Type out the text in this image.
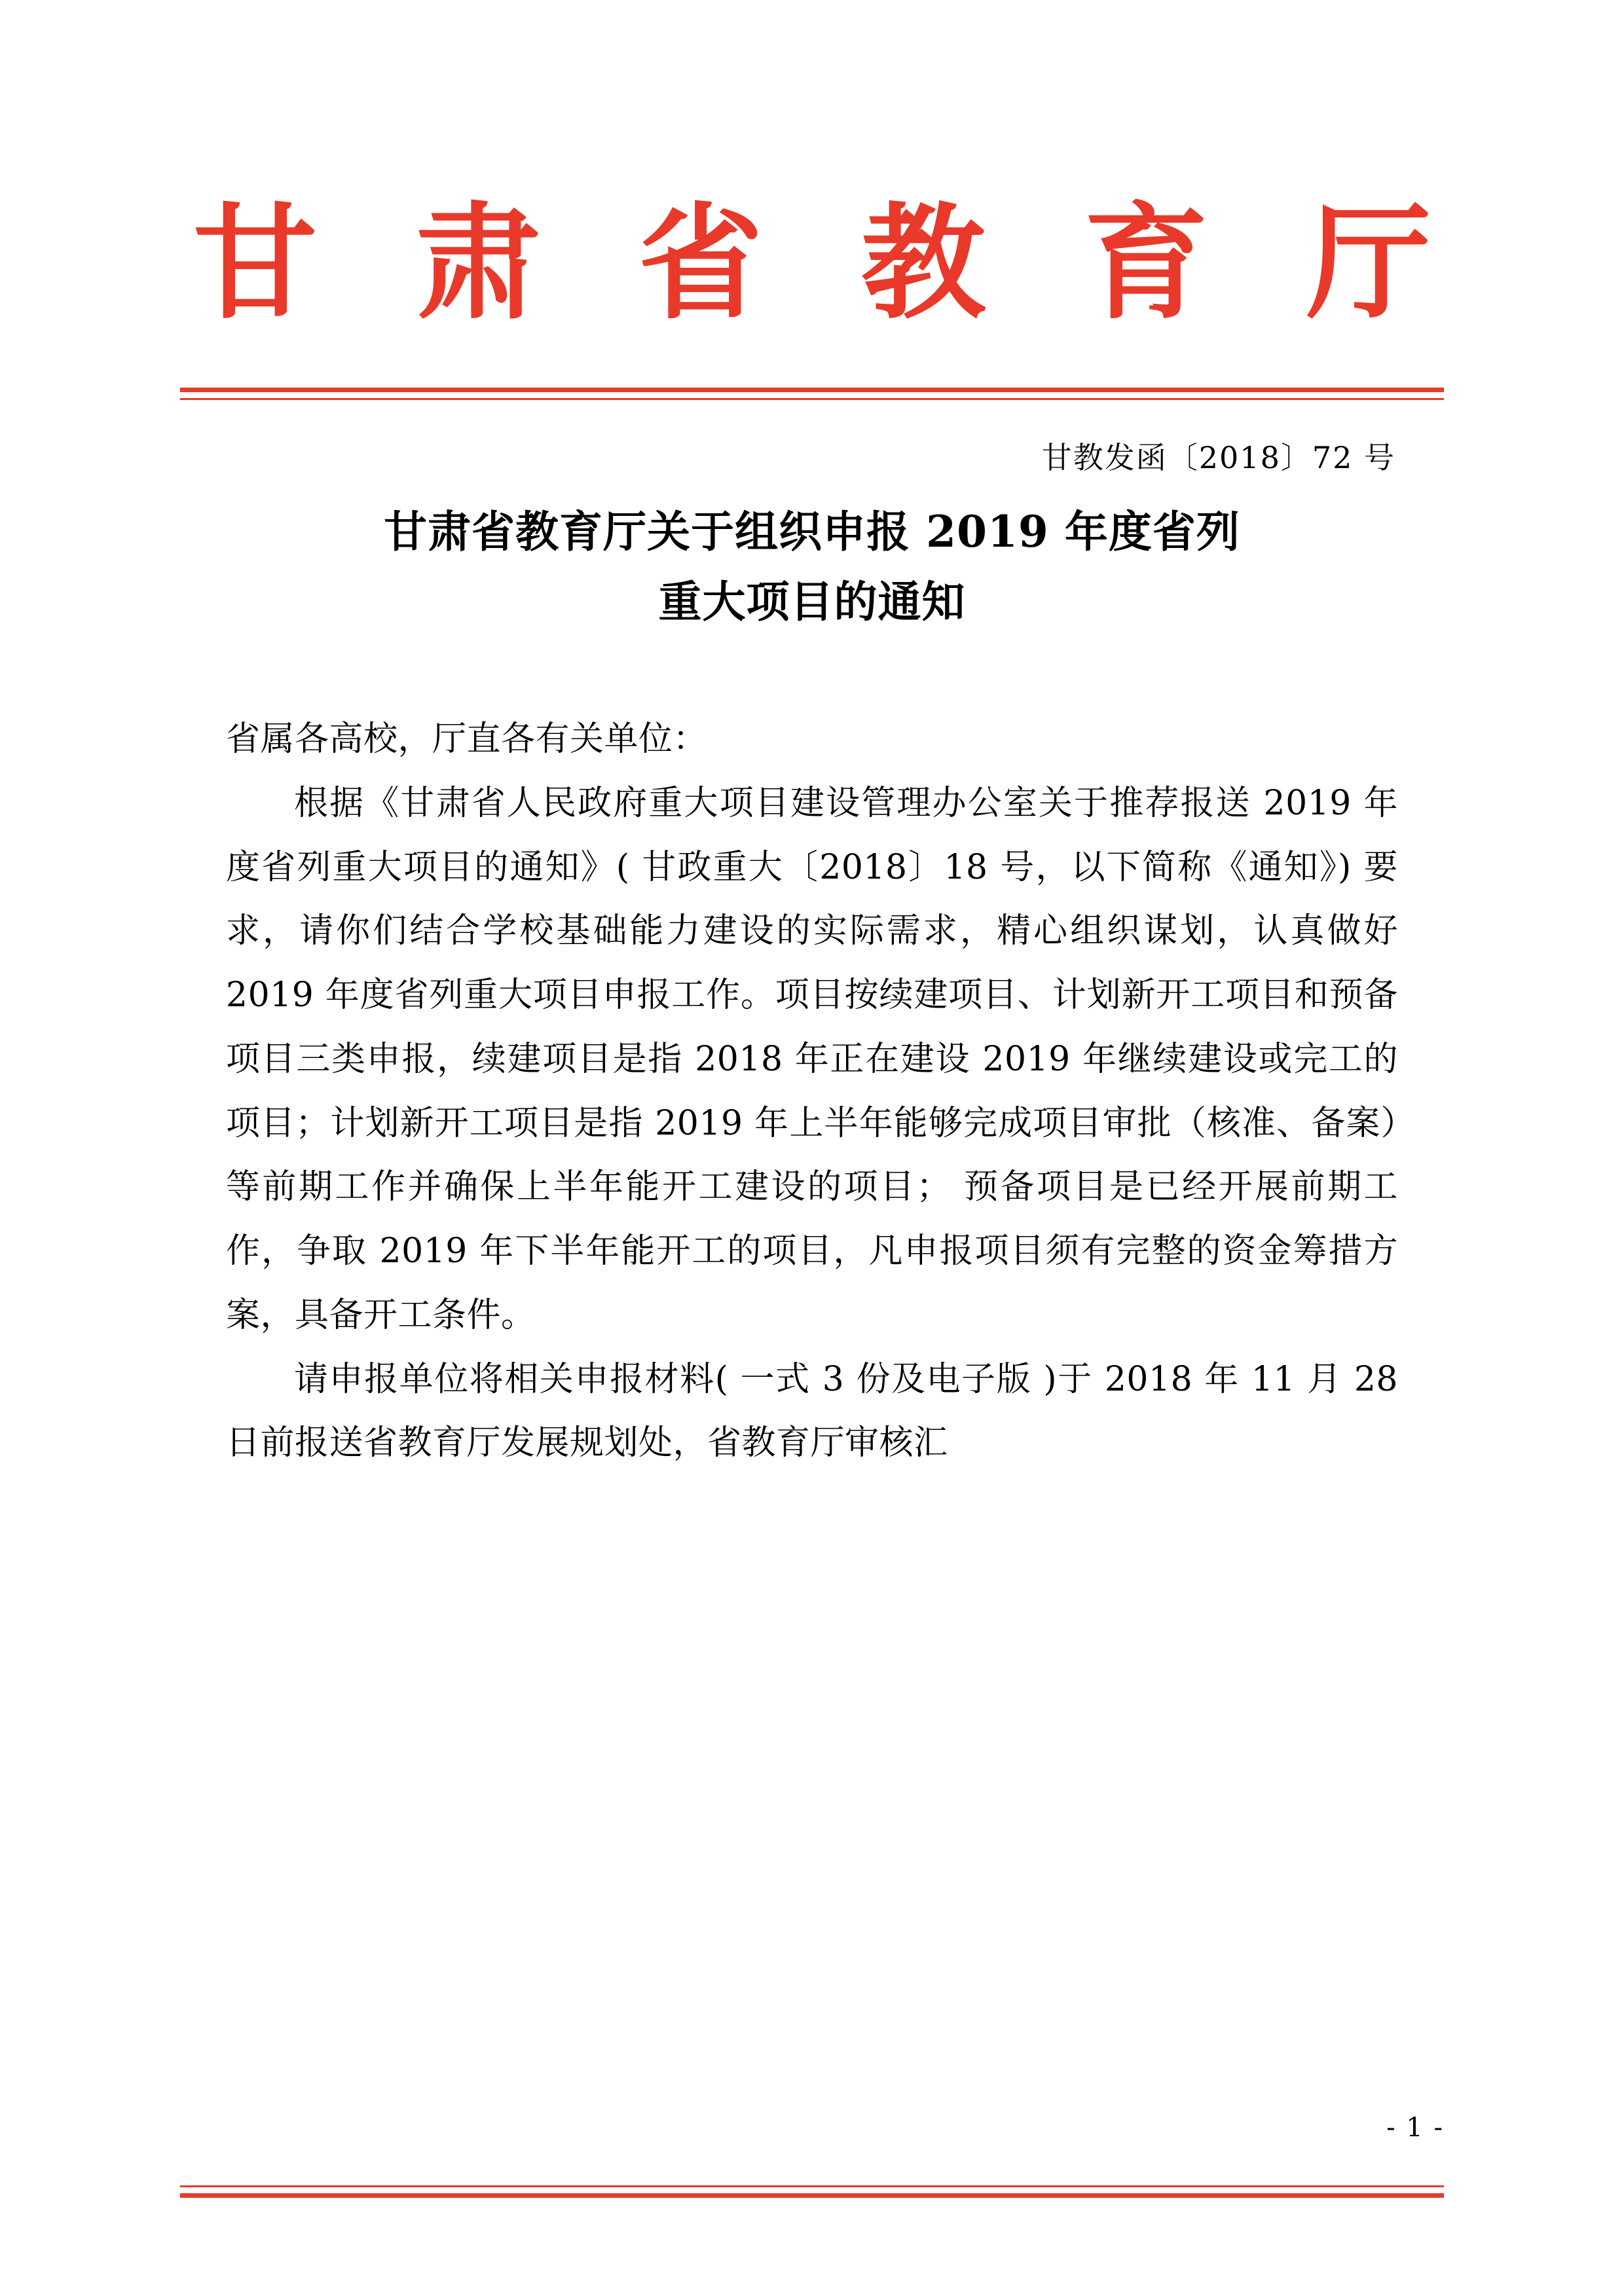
甘 肃 省 教 育 厅
甘教发函〔2018〕72 号
甘肃省教育厅关于组织申报 2019 年度省列
重大项目的通知

省属各高校，厅直各有关单位：

根据《甘肃省人民政府重大项目建设管理办公室关于推荐报送 2019 年度省列重大项目的通知》( 甘政重大〔2018〕18 号，以下简称《通知》) 要求，请你们结合学校基础能力建设的实际需求，精心组织谋划，认真做好 2019 年度省列重大项目申报工作。项目按续建项目、计划新开工项目和预备项目三类申报，续建项目是指 2018 年正在建设 2019 年继续建设或完工的项目；计划新开工项目是指 2019 年上半年能够完成项目审批（核准、备案）等前期工作并确保上半年能开工建设的项目； 预备项目是已经开展前期工作，争取 2019 年下半年能开工的项目，凡申报项目须有完整的资金筹措方案，具备开工条件。

请申报单位将相关申报材料( 一式 3 份及电子版 )于 2018 年 11 月 28 日前报送省教育厅发展规划处，省教育厅审核汇

- 1 -
